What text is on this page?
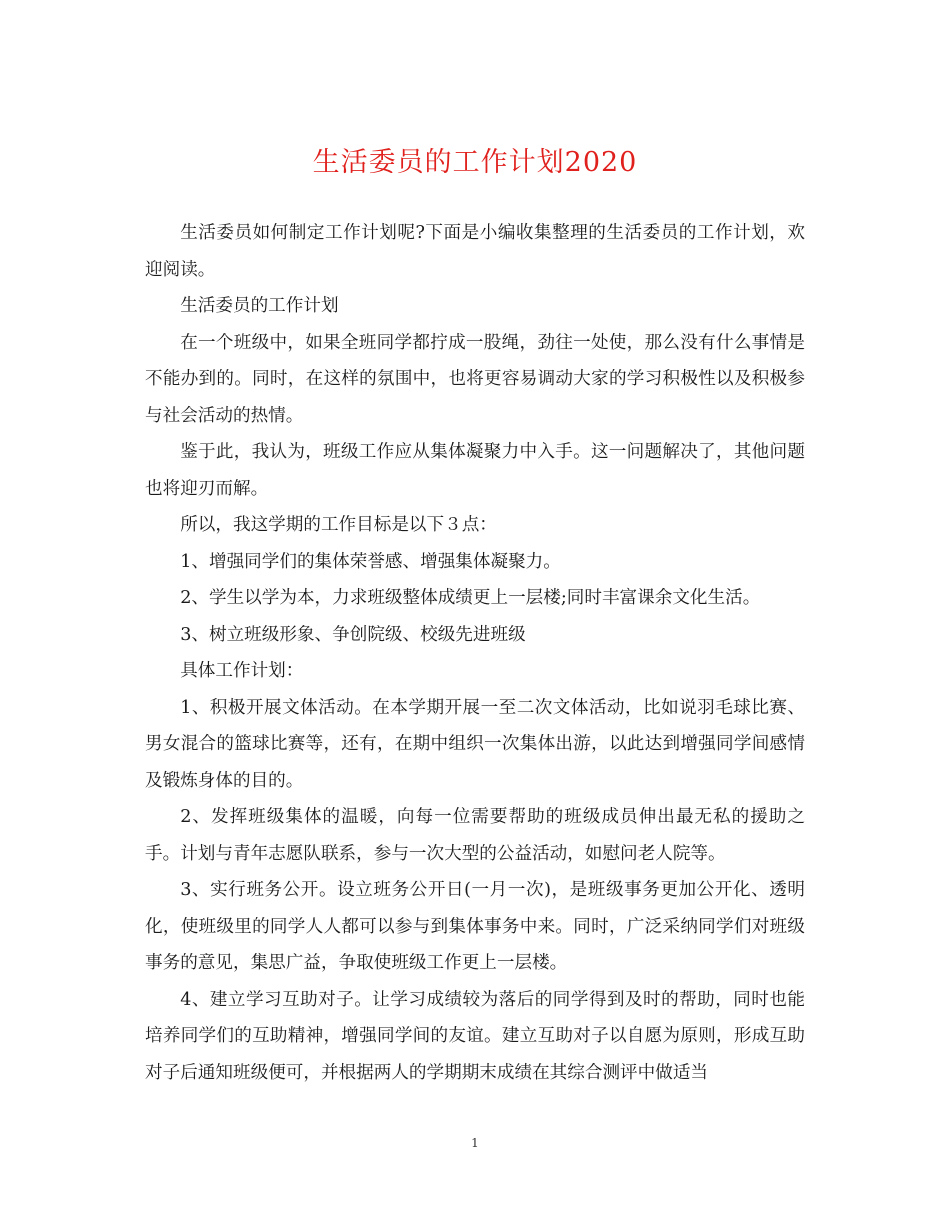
生活委员的工作计划2020

生活委员如何制定工作计划呢?下面是小编收集整理的生活委员的工作计划，欢迎阅读。

生活委员的工作计划

在一个班级中，如果全班同学都拧成一股绳，劲往一处使，那么没有什么事情是不能办到的。同时，在这样的氛围中，也将更容易调动大家的学习积极性以及积极参与社会活动的热情。

鉴于此，我认为，班级工作应从集体凝聚力中入手。这一问题解决了，其他问题也将迎刃而解。

所以，我这学期的工作目标是以下３点：

1、增强同学们的集体荣誉感、增强集体凝聚力。

2、学生以学为本，力求班级整体成绩更上一层楼;同时丰富课余文化生活。

3、树立班级形象、争创院级、校级先进班级

具体工作计划：

1、积极开展文体活动。在本学期开展一至二次文体活动，比如说羽毛球比赛、男女混合的篮球比赛等，还有，在期中组织一次集体出游，以此达到增强同学间感情及锻炼身体的目的。

2、发挥班级集体的温暖，向每一位需要帮助的班级成员伸出最无私的援助之手。计划与青年志愿队联系，参与一次大型的公益活动，如慰问老人院等。

3、实行班务公开。设立班务公开日(一月一次)，是班级事务更加公开化、透明化，使班级里的同学人人都可以参与到集体事务中来。同时，广泛采纳同学们对班级事务的意见，集思广益，争取使班级工作更上一层楼。

4、建立学习互助对子。让学习成绩较为落后的同学得到及时的帮助，同时也能培养同学们的互助精神，增强同学间的友谊。建立互助对子以自愿为原则，形成互助对子后通知班级便可，并根据两人的学期期末成绩在其综合测评中做适当

1
